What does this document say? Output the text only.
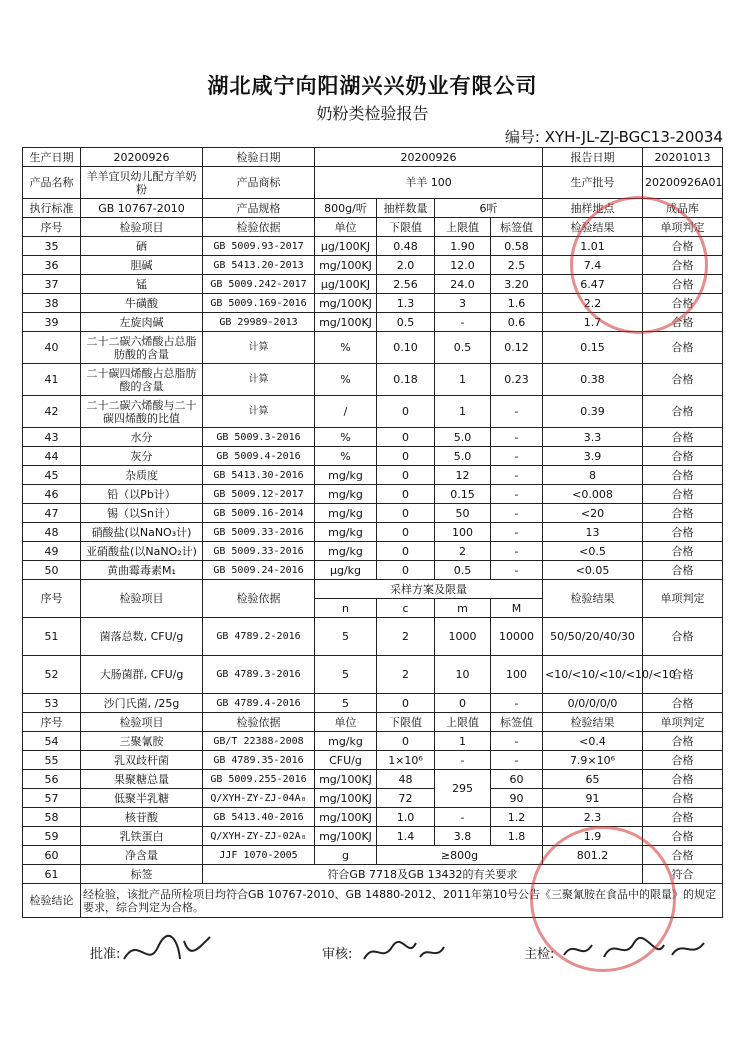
湖北咸宁向阳湖兴兴奶业有限公司
奶粉类检验报告
编号: XYH-JL-ZJ-BGC13-20034
生产日期	20200926	检验日期	20200926				报告日期	20201013
产品名称	羊羊宜贝幼儿配方羊奶粉	产品商标	羊羊 100				生产批号	20200926A01
执行标准	GB 10767-2010	产品规格	800g/听	抽样数量	6听		抽样地点	成品库
序号	检验项目	检验依据	单位	下限值	上限值	标签值	检验结果	单项判定
35	硒	GB 5009.93-2017	μg/100KJ	0.48	1.90	0.58	1.01	合格
36	胆碱	GB 5413.20-2013	mg/100KJ	2.0	12.0	2.5	7.4	合格
37	锰	GB 5009.242-2017	μg/100KJ	2.56	24.0	3.20	6.47	合格
38	牛磺酸	GB 5009.169-2016	mg/100KJ	1.3	3	1.6	2.2	合格
39	左旋肉碱	GB 29989-2013	mg/100KJ	0.5	-	0.6	1.7	合格
40	二十二碳六烯酸占总脂肪酸的含量	计算	%	0.10	0.5	0.12	0.15	合格
41	二十碳四烯酸占总脂肪酸的含量	计算	%	0.18	1	0.23	0.38	合格
42	二十二碳六烯酸与二十碳四烯酸的比值	计算	/	0	1	-	0.39	合格
43	水分	GB 5009.3-2016	%	0	5.0	-	3.3	合格
44	灰分	GB 5009.4-2016	%	0	5.0	-	3.9	合格
45	杂质度	GB 5413.30-2016	mg/kg	0	12	-	8	合格
46	铅（以Pb计）	GB 5009.12-2017	mg/kg	0	0.15	-	<0.008	合格
47	锡（以Sn计）	GB 5009.16-2014	mg/kg	0	50	-	<20	合格
48	硝酸盐(以NaNO₃计)	GB 5009.33-2016	mg/kg	0	100	-	13	合格
49	亚硝酸盐(以NaNO₂计)	GB 5009.33-2016	mg/kg	0	2	-	<0.5	合格
50	黄曲霉毒素M₁	GB 5009.24-2016	μg/kg	0	0.5	-	<0.05	合格
序号	检验项目	检验依据	采样方案及限量				检验结果	单项判定
			n	c	m	M		
51	菌落总数, CFU/g	GB 4789.2-2016	5	2	1000	10000	50/50/20/40/30	合格
52	大肠菌群, CFU/g	GB 4789.3-2016	5	2	10	100	<10/<10/<10/<10/<10	合格
53	沙门氏菌, /25g	GB 4789.4-2016	5	0	0	-	0/0/0/0/0	合格
序号	检验项目	检验依据	单位	下限值	上限值	标签值	检验结果	单项判定
54	三聚氰胺	GB/T 22388-2008	mg/kg	0	1	-	<0.4	合格
55	乳双歧杆菌	GB 4789.35-2016	CFU/g	1×10⁶	-	-	7.9×10⁶	合格
56	果聚糖总量	GB 5009.255-2016	mg/100KJ	48	295	60	65	合格
57	低聚半乳糖	Q/XYH-ZY-ZJ-04A₀	mg/100KJ	72		90	91	合格
58	核苷酸	GB 5413.40-2016	mg/100KJ	1.0	-	1.2	2.3	合格
59	乳铁蛋白	Q/XYH-ZY-ZJ-02A₀	mg/100KJ	1.4	3.8	1.8	1.9	合格
60	净含量	JJF 1070-2005	g	≥800g			801.2	合格
61	标签	符合GB 7718及GB 13432的有关要求						符合
检验结论	经检验，该批产品所检项目均符合GB 10767-2010、GB 14880-2012、2011年第10号公告《三聚氰胺在食品中的限量》的规定要求，综合判定为合格。							
批准:	审核:	主检:
